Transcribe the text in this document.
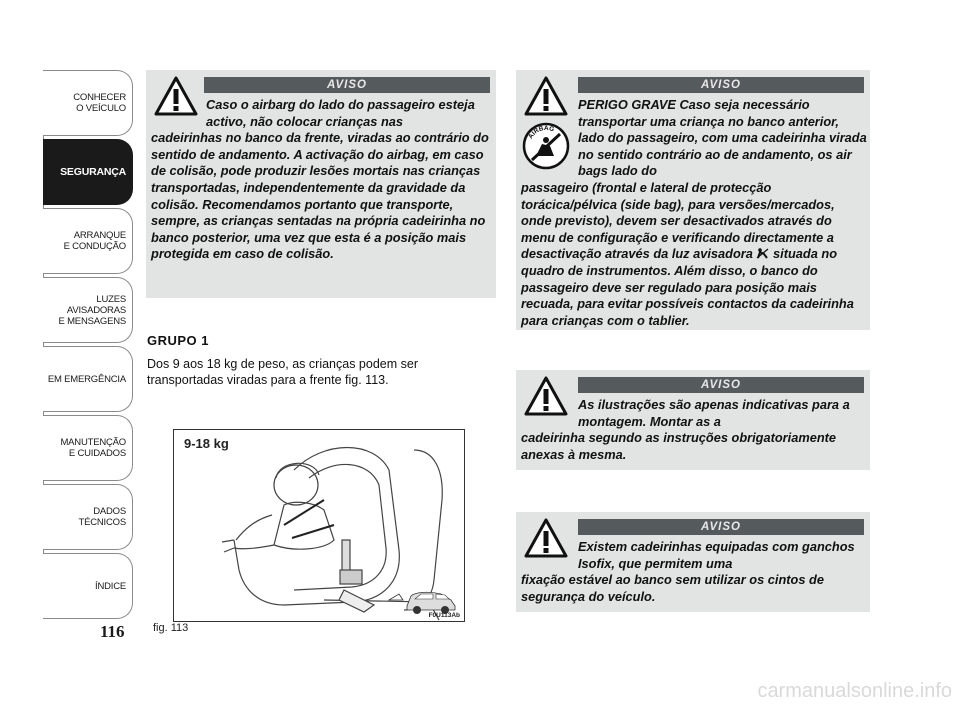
CONHECER
O VEÍCULO
SEGURANÇA
ARRANQUE
E CONDUÇÃO
LUZES
AVISADORAS
E MENSAGENS
EM EMERGÊNCIA
MANUTENÇÃO
E CUIDADOS
DADOS
TÉCNICOS
ÍNDICE
116
AVISO
Caso o airbarg do lado do passageiro esteja activo, não colocar crianças nas
cadeirinhas no banco da frente, viradas ao contrário do sentido de andamento. A activação do airbag, em caso de colisão, pode produzir lesões mortais nas crianças transportadas, independentemente da gravidade da colisão. Recomendamos portanto que transporte, sempre, as crianças sentadas na própria cadeirinha no banco posterior, uma vez que esta é a posição mais protegida em caso de colisão.
AIRBAG
AVISO
PERIGO GRAVE Caso seja necessário transportar uma criança no banco anterior, lado do passageiro, com uma cadeirinha virada no sentido contrário ao de andamento, os air bags lado do
passageiro (frontal e lateral de protecção torácica/pélvica (side bag), para versões/mercados, onde previsto), devem ser desactivados através do menu de configuração e verificando directamente a desactivação através da luz avisadora situada no quadro de instrumentos. Além disso, o banco do passageiro deve ser regulado para posição mais recuada, para evitar possíveis contactos da cadeirinha para crianças com o tablier.
AVISO
As ilustrações são apenas indicativas para a montagem. Montar as a
cadeirinha segundo as instruções obrigatoriamente anexas à mesma.
AVISO
Existem cadeirinhas equipadas com ganchos Isofix, que permitem uma
fixação estável ao banco sem utilizar os cintos de segurança do veículo.
GRUPO 1
Dos 9 aos 18 kg de peso, as crianças podem ser transportadas viradas para a frente fig. 113.
9-18 kg
F0U113Ab
fig. 113
carmanualsonline.info
